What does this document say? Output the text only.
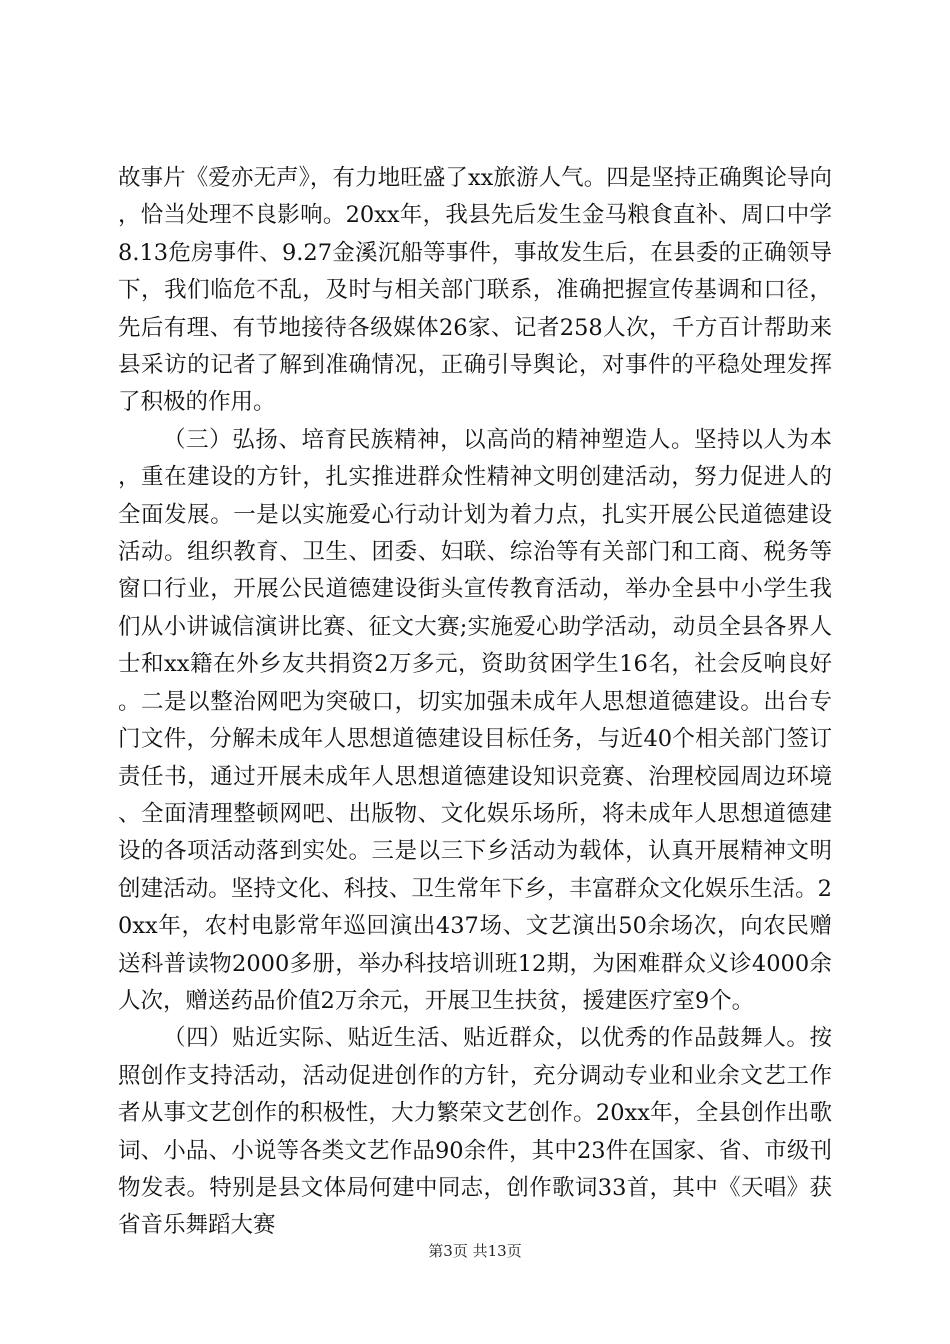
故事片《爱亦无声》，有力地旺盛了xx旅游人气。四是坚持正确舆论导向，恰当处理不良影响。20xx年，我县先后发生金马粮食直补、周口中学8.13危房事件、9.27金溪沉船等事件，事故发生后，在县委的正确领导下，我们临危不乱，及时与相关部门联系，准确把握宣传基调和口径，先后有理、有节地接待各级媒体26家、记者258人次，千方百计帮助来县采访的记者了解到准确情况，正确引导舆论，对事件的平稳处理发挥了积极的作用。

（三）弘扬、培育民族精神，以高尚的精神塑造人。坚持以人为本，重在建设的方针，扎实推进群众性精神文明创建活动，努力促进人的全面发展。一是以实施爱心行动计划为着力点，扎实开展公民道德建设活动。组织教育、卫生、团委、妇联、综治等有关部门和工商、税务等窗口行业，开展公民道德建设街头宣传教育活动，举办全县中小学生我们从小讲诚信演讲比赛、征文大赛;实施爱心助学活动，动员全县各界人士和xx籍在外乡友共捐资2万多元，资助贫困学生16名，社会反响良好。二是以整治网吧为突破口，切实加强未成年人思想道德建设。出台专门文件，分解未成年人思想道德建设目标任务，与近40个相关部门签订责任书，通过开展未成年人思想道德建设知识竞赛、治理校园周边环境、全面清理整顿网吧、出版物、文化娱乐场所，将未成年人思想道德建设的各项活动落到实处。三是以三下乡活动为载体，认真开展精神文明创建活动。坚持文化、科技、卫生常年下乡，丰富群众文化娱乐生活。20xx年，农村电影常年巡回演出437场、文艺演出50余场次，向农民赠送科普读物2000多册，举办科技培训班12期，为困难群众义诊4000余人次，赠送药品价值2万余元，开展卫生扶贫，援建医疗室9个。

（四）贴近实际、贴近生活、贴近群众，以优秀的作品鼓舞人。按照创作支持活动，活动促进创作的方针，充分调动专业和业余文艺工作者从事文艺创作的积极性，大力繁荣文艺创作。20xx年，全县创作出歌词、小品、小说等各类文艺作品90余件，其中23件在国家、省、市级刊物发表。特别是县文体局何建中同志，创作歌词33首，其中《天唱》获省音乐舞蹈大赛

第3页 共13页
